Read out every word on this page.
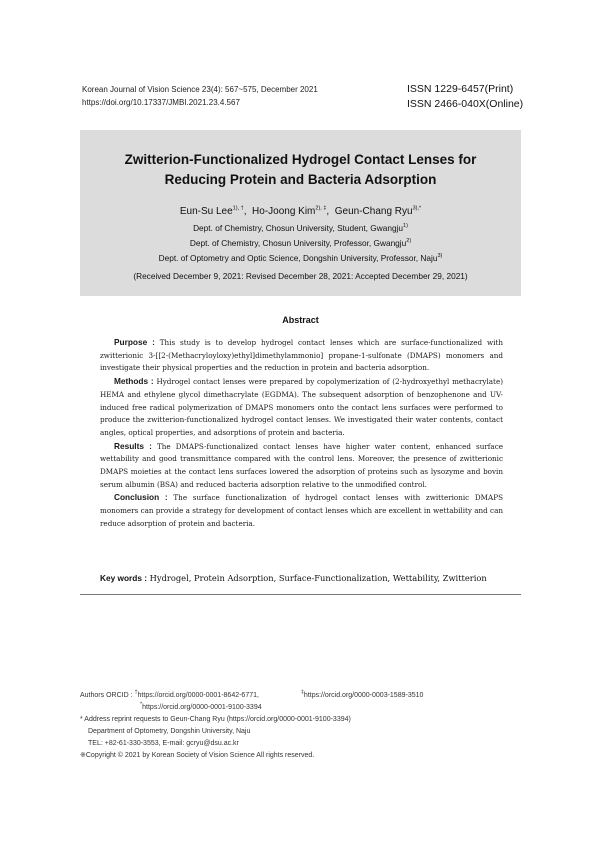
Korean Journal of Vision Science 23(4): 567~575, December 2021
https://doi.org/10.17337/JMBI.2021.23.4.567
ISSN 1229-6457(Print)
ISSN 2466-040X(Online)
Zwitterion-Functionalized Hydrogel Contact Lenses for
Reducing Protein and Bacteria Adsorption
Eun-Su Lee$^{1), \dagger}$,  Ho-Joong Kim$^{2), \ddagger}$,  Geun-Chang Ryu$^{3),*}$
Dept. of Chemistry, Chosun University, Student, Gwangju$^{1)}$
Dept. of Chemistry, Chosun University, Professor, Gwangju$^{2)}$
Dept. of Optometry and Optic Science, Dongshin University, Professor, Naju$^{3)}$
(Received December 9, 2021: Revised December 28, 2021: Accepted December 29, 2021)
Abstract

Purpose : This study is to develop hydrogel contact lenses which are surface-functionalized with zwitterionic 3-[[2-(Methacryloyloxy)ethyl]dimethylammonio] propane-1-sulfonate (DMAPS) monomers and investigate their physical properties and the reduction in protein and bacteria adsorption.

Methods : Hydrogel contact lenses were prepared by copolymerization of (2-hydroxyethyl methacrylate) HEMA and ethylene glycol dimethacrylate (EGDMA). The subsequent adsorption of benzophenone and UV-induced free radical polymerization of DMAPS monomers onto the contact lens surfaces were performed to produce the zwitterion-functionalized hydrogel contact lenses. We investigated their water contents, contact angles, optical properties, and adsorptions of protein and bacteria.

Results : The DMAPS-functionalized contact lenses have higher water content, enhanced surface wettability and good transmittance compared with the control lens. Moreover, the presence of zwitterionic DMAPS moieties at the contact lens surfaces lowered the adsorption of proteins such as lysozyme and bovin serum albumin (BSA) and reduced bacteria adsorption relative to the unmodified control.

Conclusion : The surface functionalization of hydrogel contact lenses with zwitterionic DMAPS monomers can provide a strategy for development of contact lenses which are excellent in wettability and can reduce adsorption of protein and bacteria.

Key words : Hydrogel, Protein Adsorption, Surface-Functionalization, Wettability, Zwitterion
Authors ORCID : †https://orcid.org/0000-0001-8642-6771,	‡https://orcid.org/0000-0003-1589-3510
*https://orcid.org/0000-0001-9100-3394
* Address reprint requests to Geun-Chang Ryu (https://orcid.org/0000-0001-9100-3394)
Department of Optometry, Dongshin University, Naju
TEL: +82-61-330-3553, E-mail: gcryu@dsu.ac.kr
※Copyright © 2021 by Korean Society of Vision Science All rights reserved.
